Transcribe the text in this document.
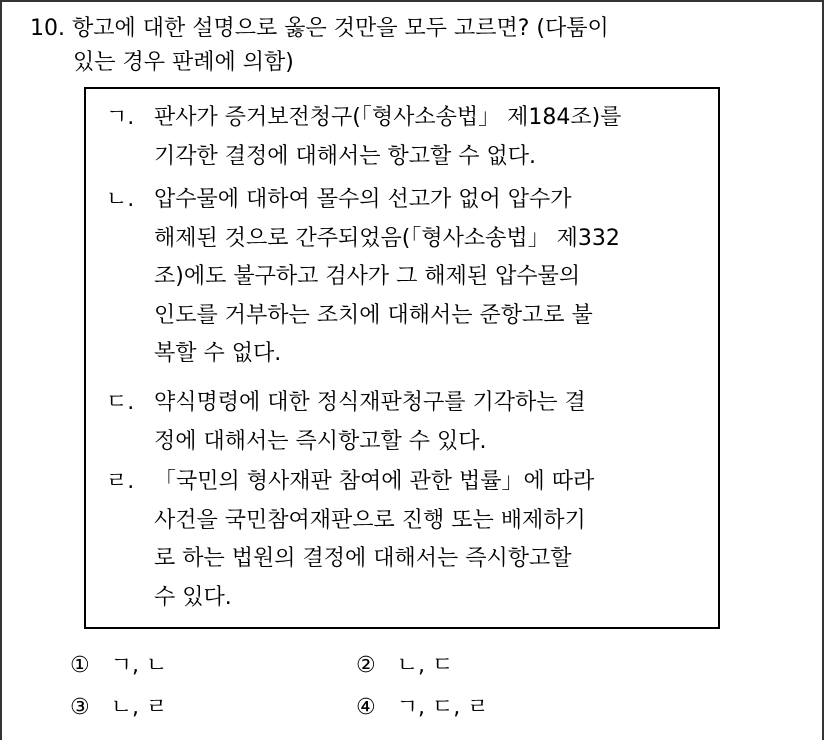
10. 항고에 대한 설명으로 옳은 것만을 모두 고르면? (다툼이
있는 경우 판례에 의함)
ㄱ. 판사가 증거보전청구(「형사소송법」 제184조)를
기각한 결정에 대해서는 항고할 수 없다.
ㄴ. 압수물에 대하여 몰수의 선고가 없어 압수가
해제된 것으로 간주되었음(「형사소송법」 제332
조)에도 불구하고 검사가 그 해제된 압수물의
인도를 거부하는 조치에 대해서는 준항고로 불
복할 수 없다.
ㄷ. 약식명령에 대한 정식재판청구를 기각하는 결
정에 대해서는 즉시항고할 수 있다.
ㄹ. 「국민의 형사재판 참여에 관한 법률」에 따라
사건을 국민참여재판으로 진행 또는 배제하기
로 하는 법원의 결정에 대해서는 즉시항고할
수 있다.
① ㄱ, ㄴ	② ㄴ, ㄷ
③ ㄴ, ㄹ	④ ㄱ, ㄷ, ㄹ
